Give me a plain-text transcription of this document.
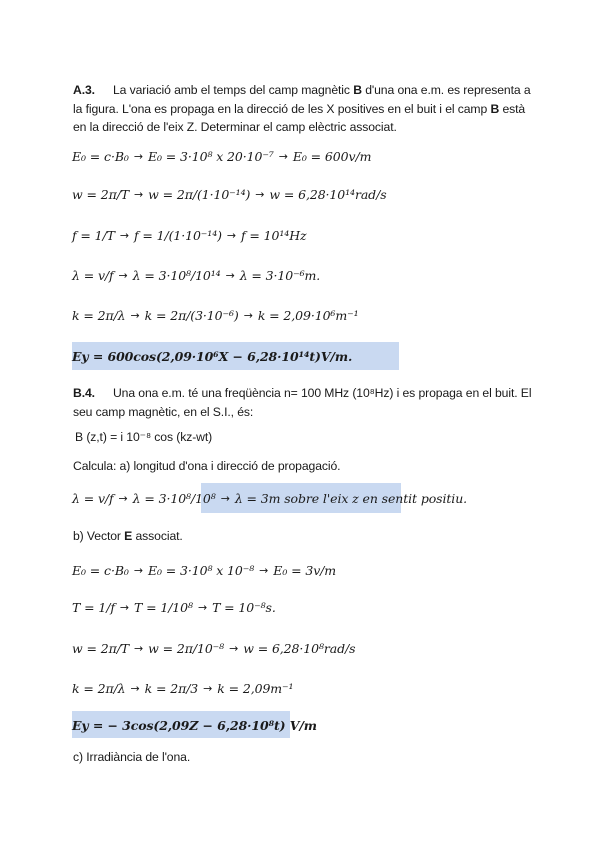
A.3. La variació amb el temps del camp magnètic B d'una ona e.m. es representa a la figura. L'ona es propaga en la direcció de les X positives en el buit i el camp B està en la direcció de l'eix Z. Determinar el camp elèctric associat.
E₀ = c·B₀ → E₀ = 3·10⁸ x 20·10⁻⁷ → E₀ = 600v/m
w = 2π/T → w = 2π/(1·10⁻¹⁴) → w = 6,28·10¹⁴rad/s
f = 1/T → f = 1/(1·10⁻¹⁴) → f = 10¹⁴Hz
λ = v/f → λ = 3·10⁸/10¹⁴ → λ = 3·10⁻⁶m.
k = 2π/λ → k = 2π/(3·10⁻⁶) → k = 2,09·10⁶m⁻¹
Ey = 600cos(2,09·10⁶X − 6,28·10¹⁴t)V/m.
B.4. Una ona e.m. té una freqüència n= 100 MHz (10⁸Hz) i es propaga en el buit. El seu camp magnètic, en el S.I., és:
B (z,t) = i 10⁻⁸ cos (kz-wt)
Calcula: a) longitud d'ona i direcció de propagació.
λ = v/f → λ = 3·10⁸/10⁸ → λ = 3m sobre l'eix z en sentit positiu.
b) Vector E associat.
E₀ = c·B₀ → E₀ = 3·10⁸ x 10⁻⁸ → E₀ = 3v/m
T = 1/f → T = 1/10⁸ → T = 10⁻⁸s.
w = 2π/T → w = 2π/10⁻⁸ → w = 6,28·10⁸rad/s
k = 2π/λ → k = 2π/3 → k = 2,09m⁻¹
Ey = − 3cos(2,09Z − 6,28·10⁸t) V/m
c) Irradiància de l'ona.
